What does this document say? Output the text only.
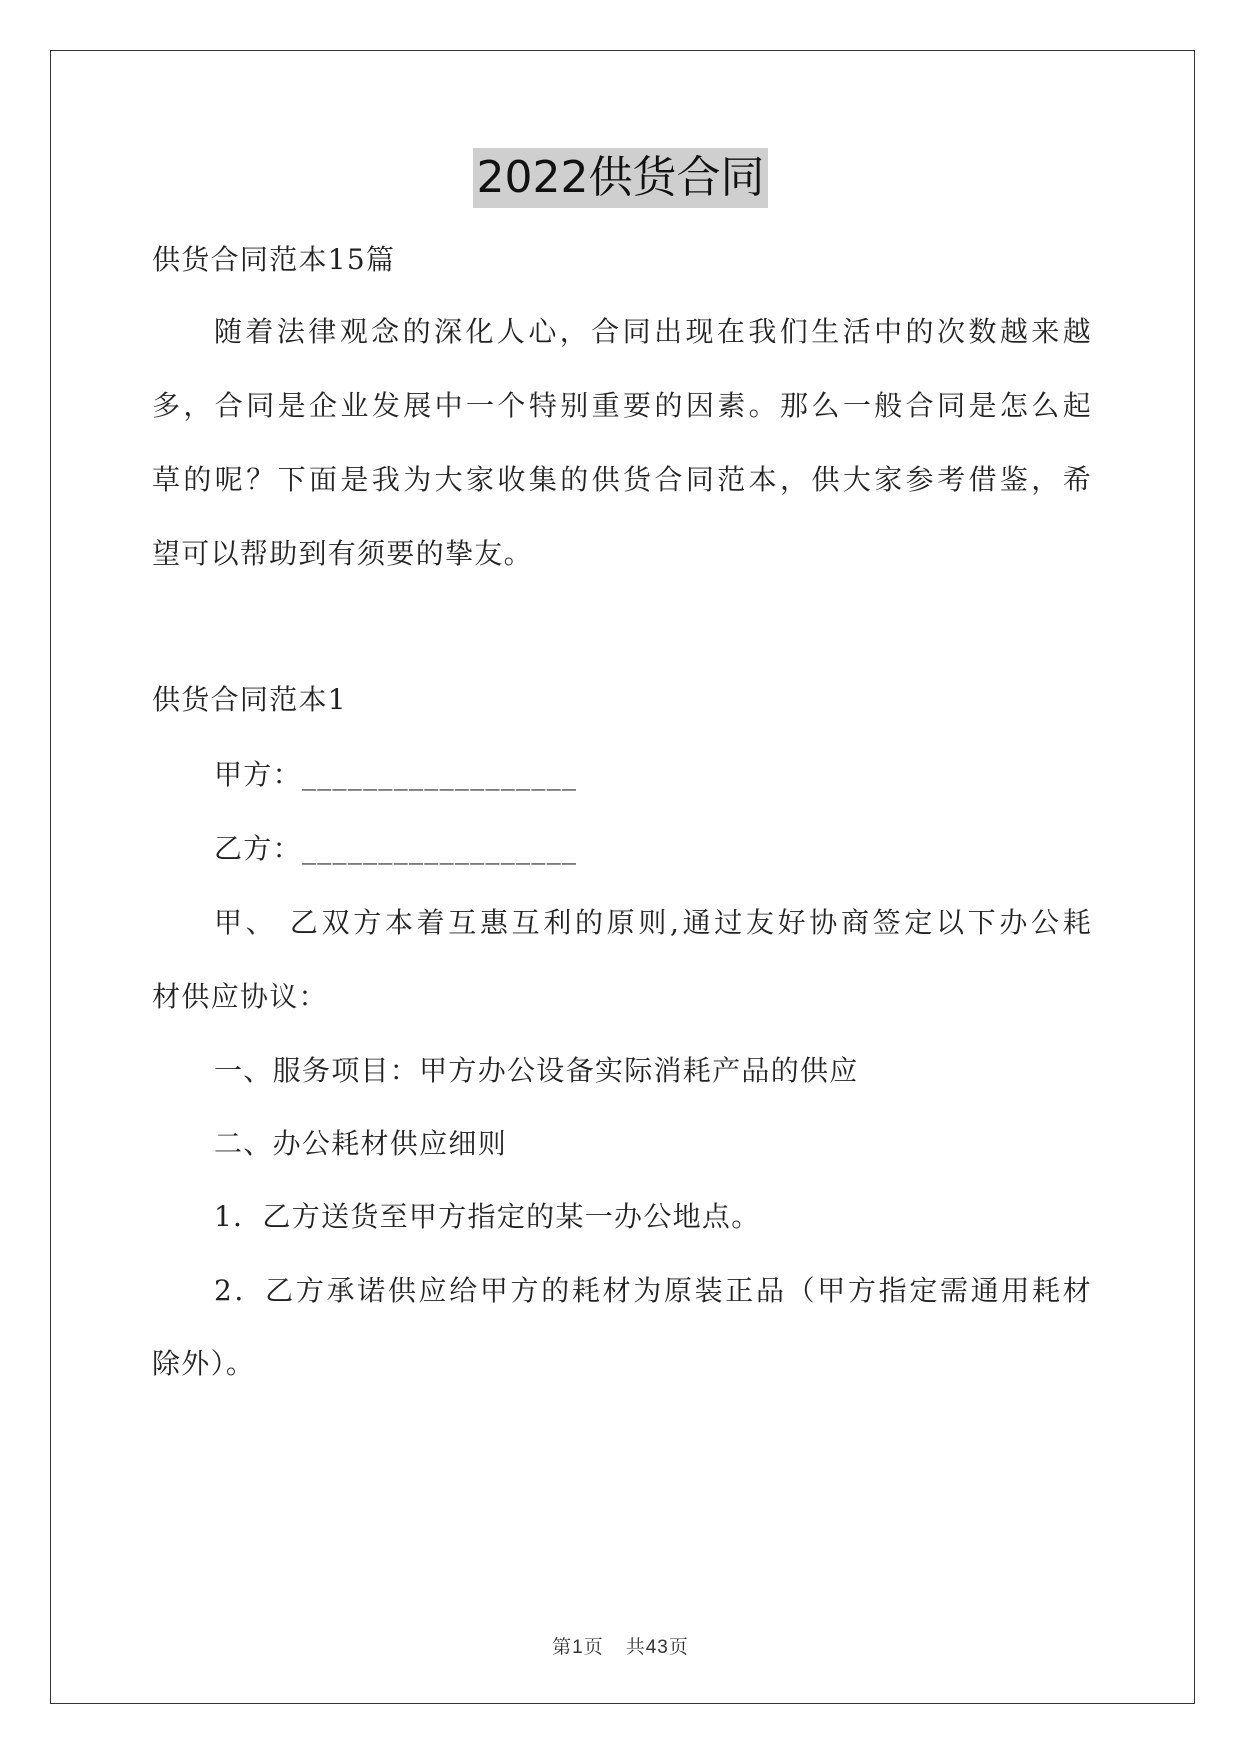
2022供货合同
供货合同范本15篇
随着法律观念的深化人心，合同出现在我们生活中的次数越来越
多，合同是企业发展中一个特别重要的因素。那么一般合同是怎么起
草的呢？下面是我为大家收集的供货合同范本，供大家参考借鉴，希
望可以帮助到有须要的挚友。
供货合同范本1
甲方：__________________
乙方：__________________
甲、 乙双方本着互惠互利的原则,通过友好协商签定以下办公耗
材供应协议：
一、服务项目：甲方办公设备实际消耗产品的供应
二、办公耗材供应细则
1．乙方送货至甲方指定的某一办公地点。
2．乙方承诺供应给甲方的耗材为原装正品（甲方指定需通用耗材
除外）。
第1页 共43页
